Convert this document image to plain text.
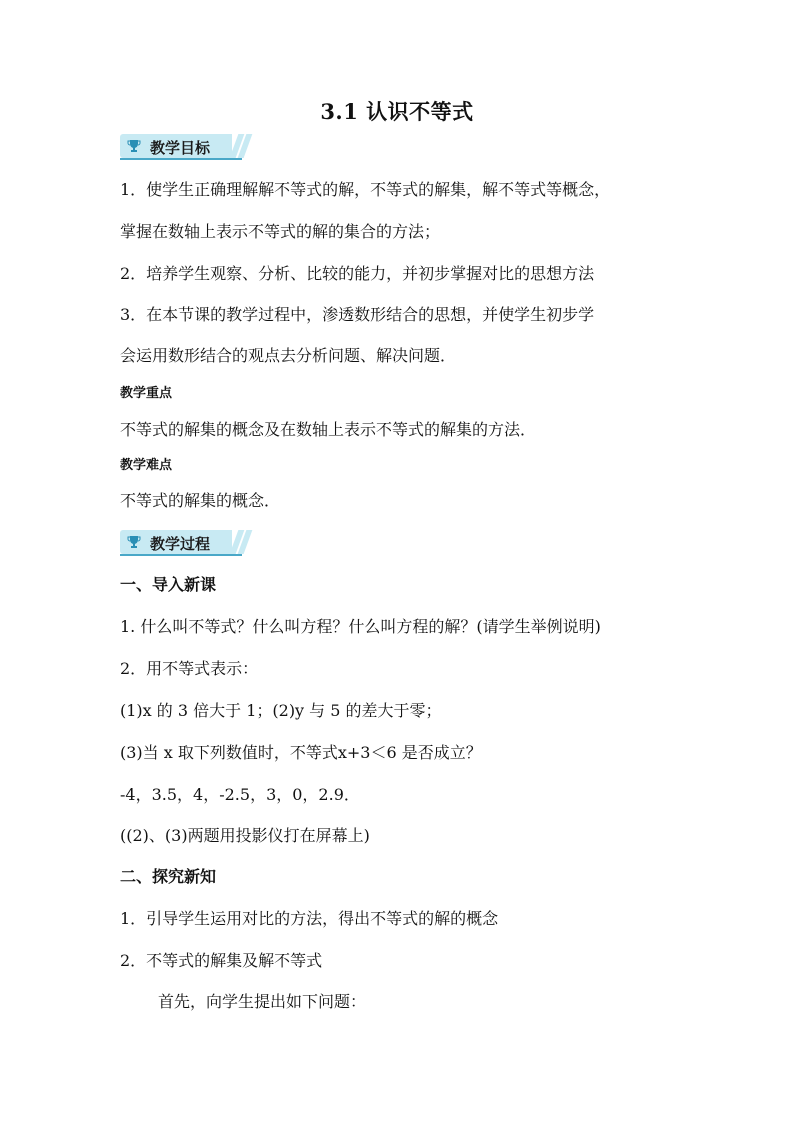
3.1 认识不等式
教学目标
1．使学生正确理解解不等式的解，不等式的解集，解不等式等概念，
掌握在数轴上表示不等式的解的集合的方法；
2．培养学生观察、分析、比较的能力，并初步掌握对比的思想方法
3．在本节课的教学过程中，渗透数形结合的思想，并使学生初步学
会运用数形结合的观点去分析问题、解决问题．
教学重点
不等式的解集的概念及在数轴上表示不等式的解集的方法．
教学难点
不等式的解集的概念．
教学过程
一、导入新课
1. 什么叫不等式？什么叫方程？什么叫方程的解？(请学生举例说明)
2．用不等式表示：
(1)x 的 3 倍大于 1；(2)y 与 5 的差大于零；
(3)当 x 取下列数值时，不等式x+3＜6 是否成立？
-4，3.5，4，-2.5，3，0，2.9．
((2)、(3)两题用投影仪打在屏幕上)
二、探究新知
1．引导学生运用对比的方法，得出不等式的解的概念
2．不等式的解集及解不等式
首先，向学生提出如下问题：
